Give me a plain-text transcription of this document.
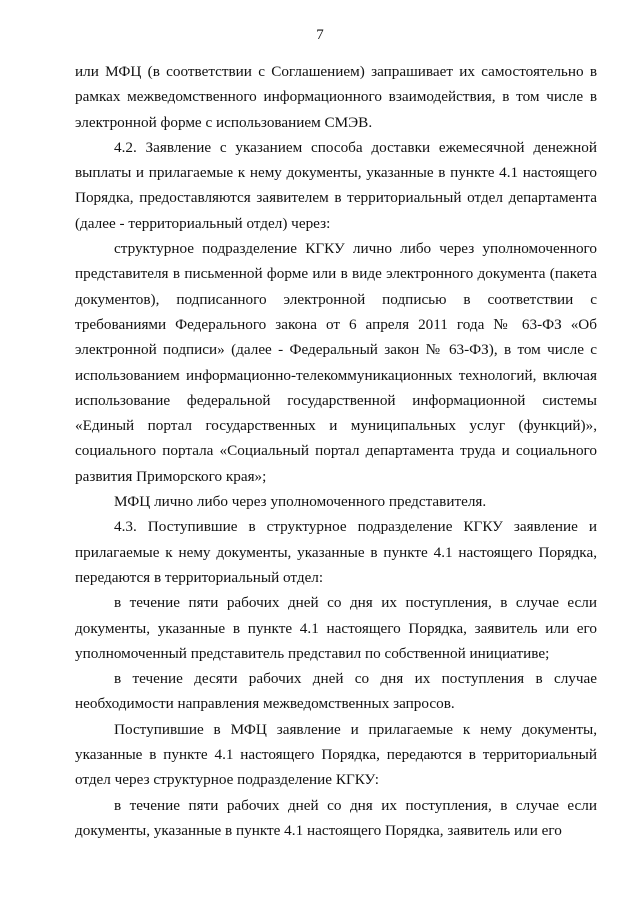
7

или МФЦ (в соответствии с Соглашением) запрашивает их самостоятельно в рамках межведомственного информационного взаимодействия, в том числе в электронной форме с использованием СМЭВ.

4.2. Заявление с указанием способа доставки ежемесячной денежной выплаты и прилагаемые к нему документы, указанные в пункте 4.1 настоящего Порядка, предоставляются заявителем в территориальный отдел департамента (далее - территориальный отдел) через:

структурное подразделение КГКУ лично либо через уполномоченного представителя в письменной форме или в виде электронного документа (пакета документов), подписанного электронной подписью в соответствии с требованиями Федерального закона от 6 апреля 2011 года № 63-ФЗ «Об электронной подписи» (далее - Федеральный закон № 63-ФЗ), в том числе с использованием информационно-телекоммуникационных технологий, включая использование федеральной государственной информационной системы «Единый портал государственных и муниципальных услуг (функций)», социального портала «Социальный портал департамента труда и социального развития Приморского края»;

МФЦ лично либо через уполномоченного представителя.

4.3. Поступившие в структурное подразделение КГКУ заявление и прилагаемые к нему документы, указанные в пункте 4.1 настоящего Порядка, передаются в территориальный отдел:

в течение пяти рабочих дней со дня их поступления, в случае если документы, указанные в пункте 4.1 настоящего Порядка, заявитель или его уполномоченный представитель представил по собственной инициативе;

в течение десяти рабочих дней со дня их поступления в случае необходимости направления межведомственных запросов.

Поступившие в МФЦ заявление и прилагаемые к нему документы, указанные в пункте 4.1 настоящего Порядка, передаются в территориальный отдел через структурное подразделение КГКУ:

в течение пяти рабочих дней со дня их поступления, в случае если документы, указанные в пункте 4.1 настоящего Порядка, заявитель или его
